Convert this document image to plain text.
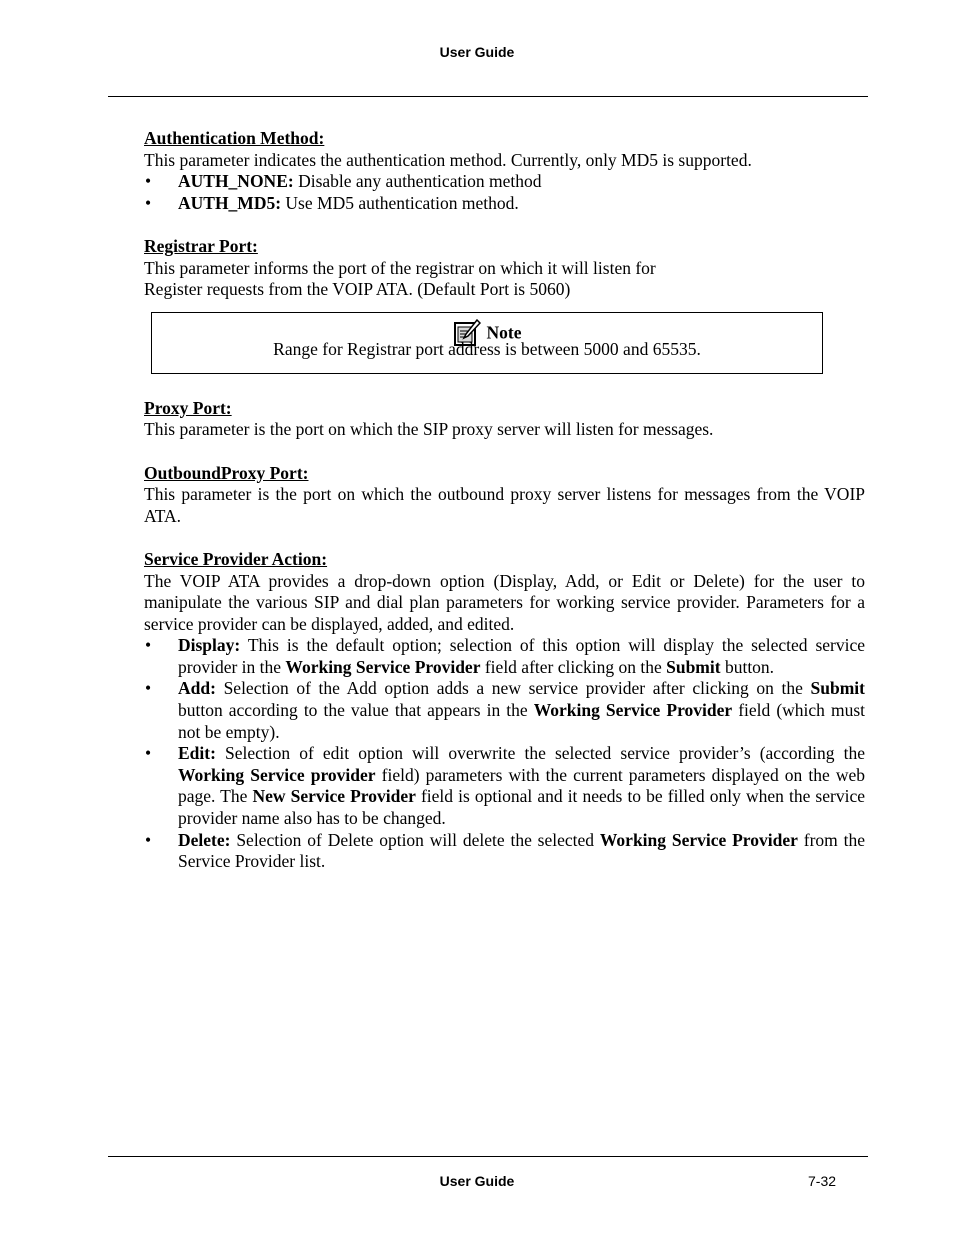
User Guide
Authentication Method:

This parameter indicates the authentication method. Currently, only MD5 is supported.

• AUTH_NONE: Disable any authentication method
• AUTH_MD5: Use MD5 authentication method.
Registrar Port:
This parameter informs the port of the registrar on which it will listen for
Register requests from the VOIP ATA. (Default Port is 5060)
Note
Range for Registrar port address is between 5000 and 65535.
Proxy Port:

This parameter is the port on which the SIP proxy server will listen for messages.

OutboundProxy Port:

This parameter is the port on which the outbound proxy server listens for messages from the VOIP ATA.

Service Provider Action:

The VOIP ATA provides a drop-down option (Display, Add, or Edit or Delete) for the user to manipulate the various SIP and dial plan parameters for working service provider. Parameters for a service provider can be displayed, added, and edited.

• Display: This is the default option; selection of this option will display the selected service provider in the Working Service Provider field after clicking on the Submit button.
• Add: Selection of the Add option adds a new service provider after clicking on the Submit button according to the value that appears in the Working Service Provider field (which must not be empty).
• Edit: Selection of edit option will overwrite the selected service provider’s (according the Working Service provider field) parameters with the current parameters displayed on the web page. The New Service Provider field is optional and it needs to be filled only when the service provider name also has to be changed.
• Delete: Selection of Delete option will delete the selected Working Service Provider from the Service Provider list.
User Guide	7-32
